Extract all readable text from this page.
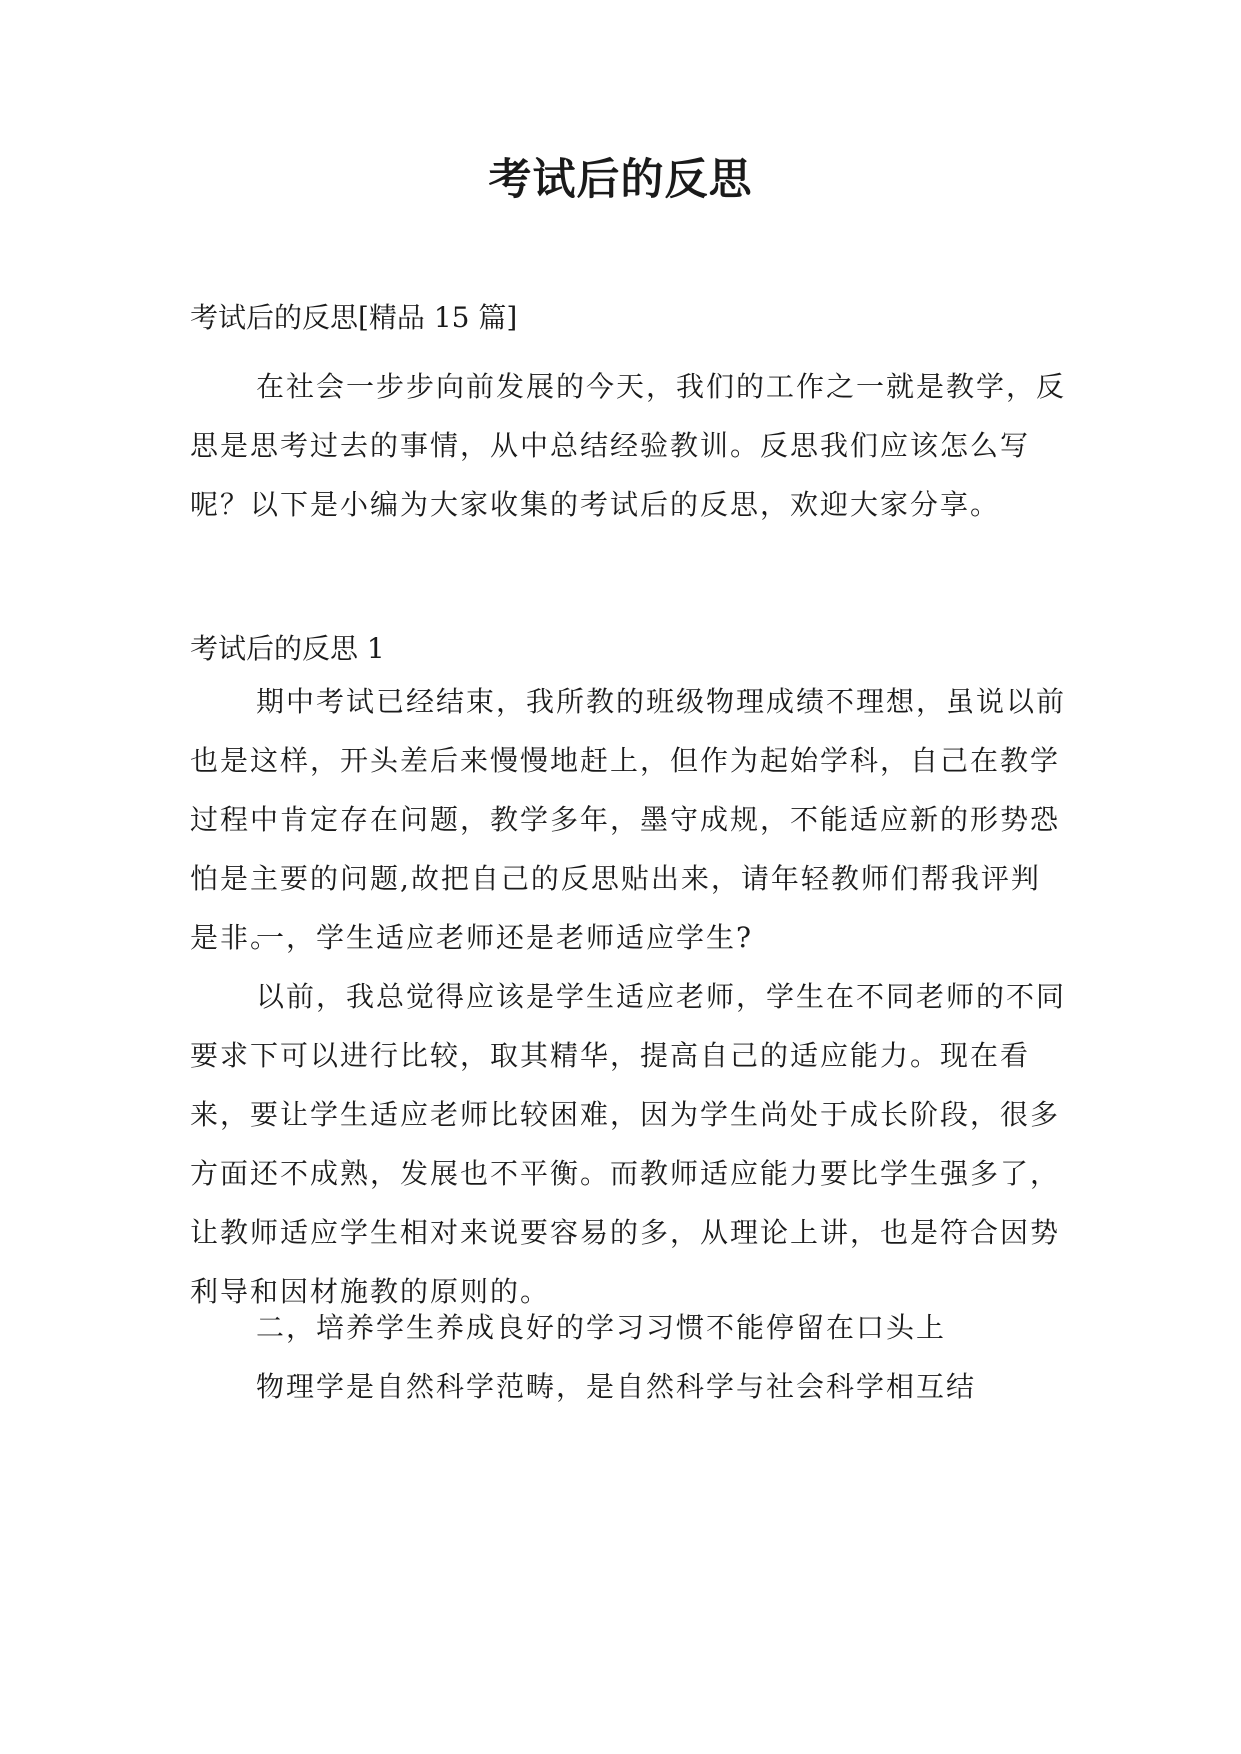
考试后的反思

考试后的反思[精品 15 篇]

在社会一步步向前发展的今天，我们的工作之一就是教学，反思是思考过去的事情，从中总结经验教训。反思我们应该怎么写呢？以下是小编为大家收集的考试后的反思，欢迎大家分享。

考试后的反思 1

期中考试已经结束，我所教的班级物理成绩不理想，虽说以前也是这样，开头差后来慢慢地赶上，但作为起始学科，自己在教学过程中肯定存在问题，教学多年，墨守成规，不能适应新的形势恐怕是主要的问题,故把自己的反思贴出来，请年轻教师们帮我评判是非。

一，学生适应老师还是老师适应学生?

以前，我总觉得应该是学生适应老师，学生在不同老师的不同要求下可以进行比较，取其精华，提高自己的适应能力。现在看来，要让学生适应老师比较困难，因为学生尚处于成长阶段，很多方面还不成熟，发展也不平衡。而教师适应能力要比学生强多了，让教师适应学生相对来说要容易的多，从理论上讲，也是符合因势利导和因材施教的原则的。

二，培养学生养成良好的学习习惯不能停留在口头上

物理学是自然科学范畴，是自然科学与社会科学相互结
